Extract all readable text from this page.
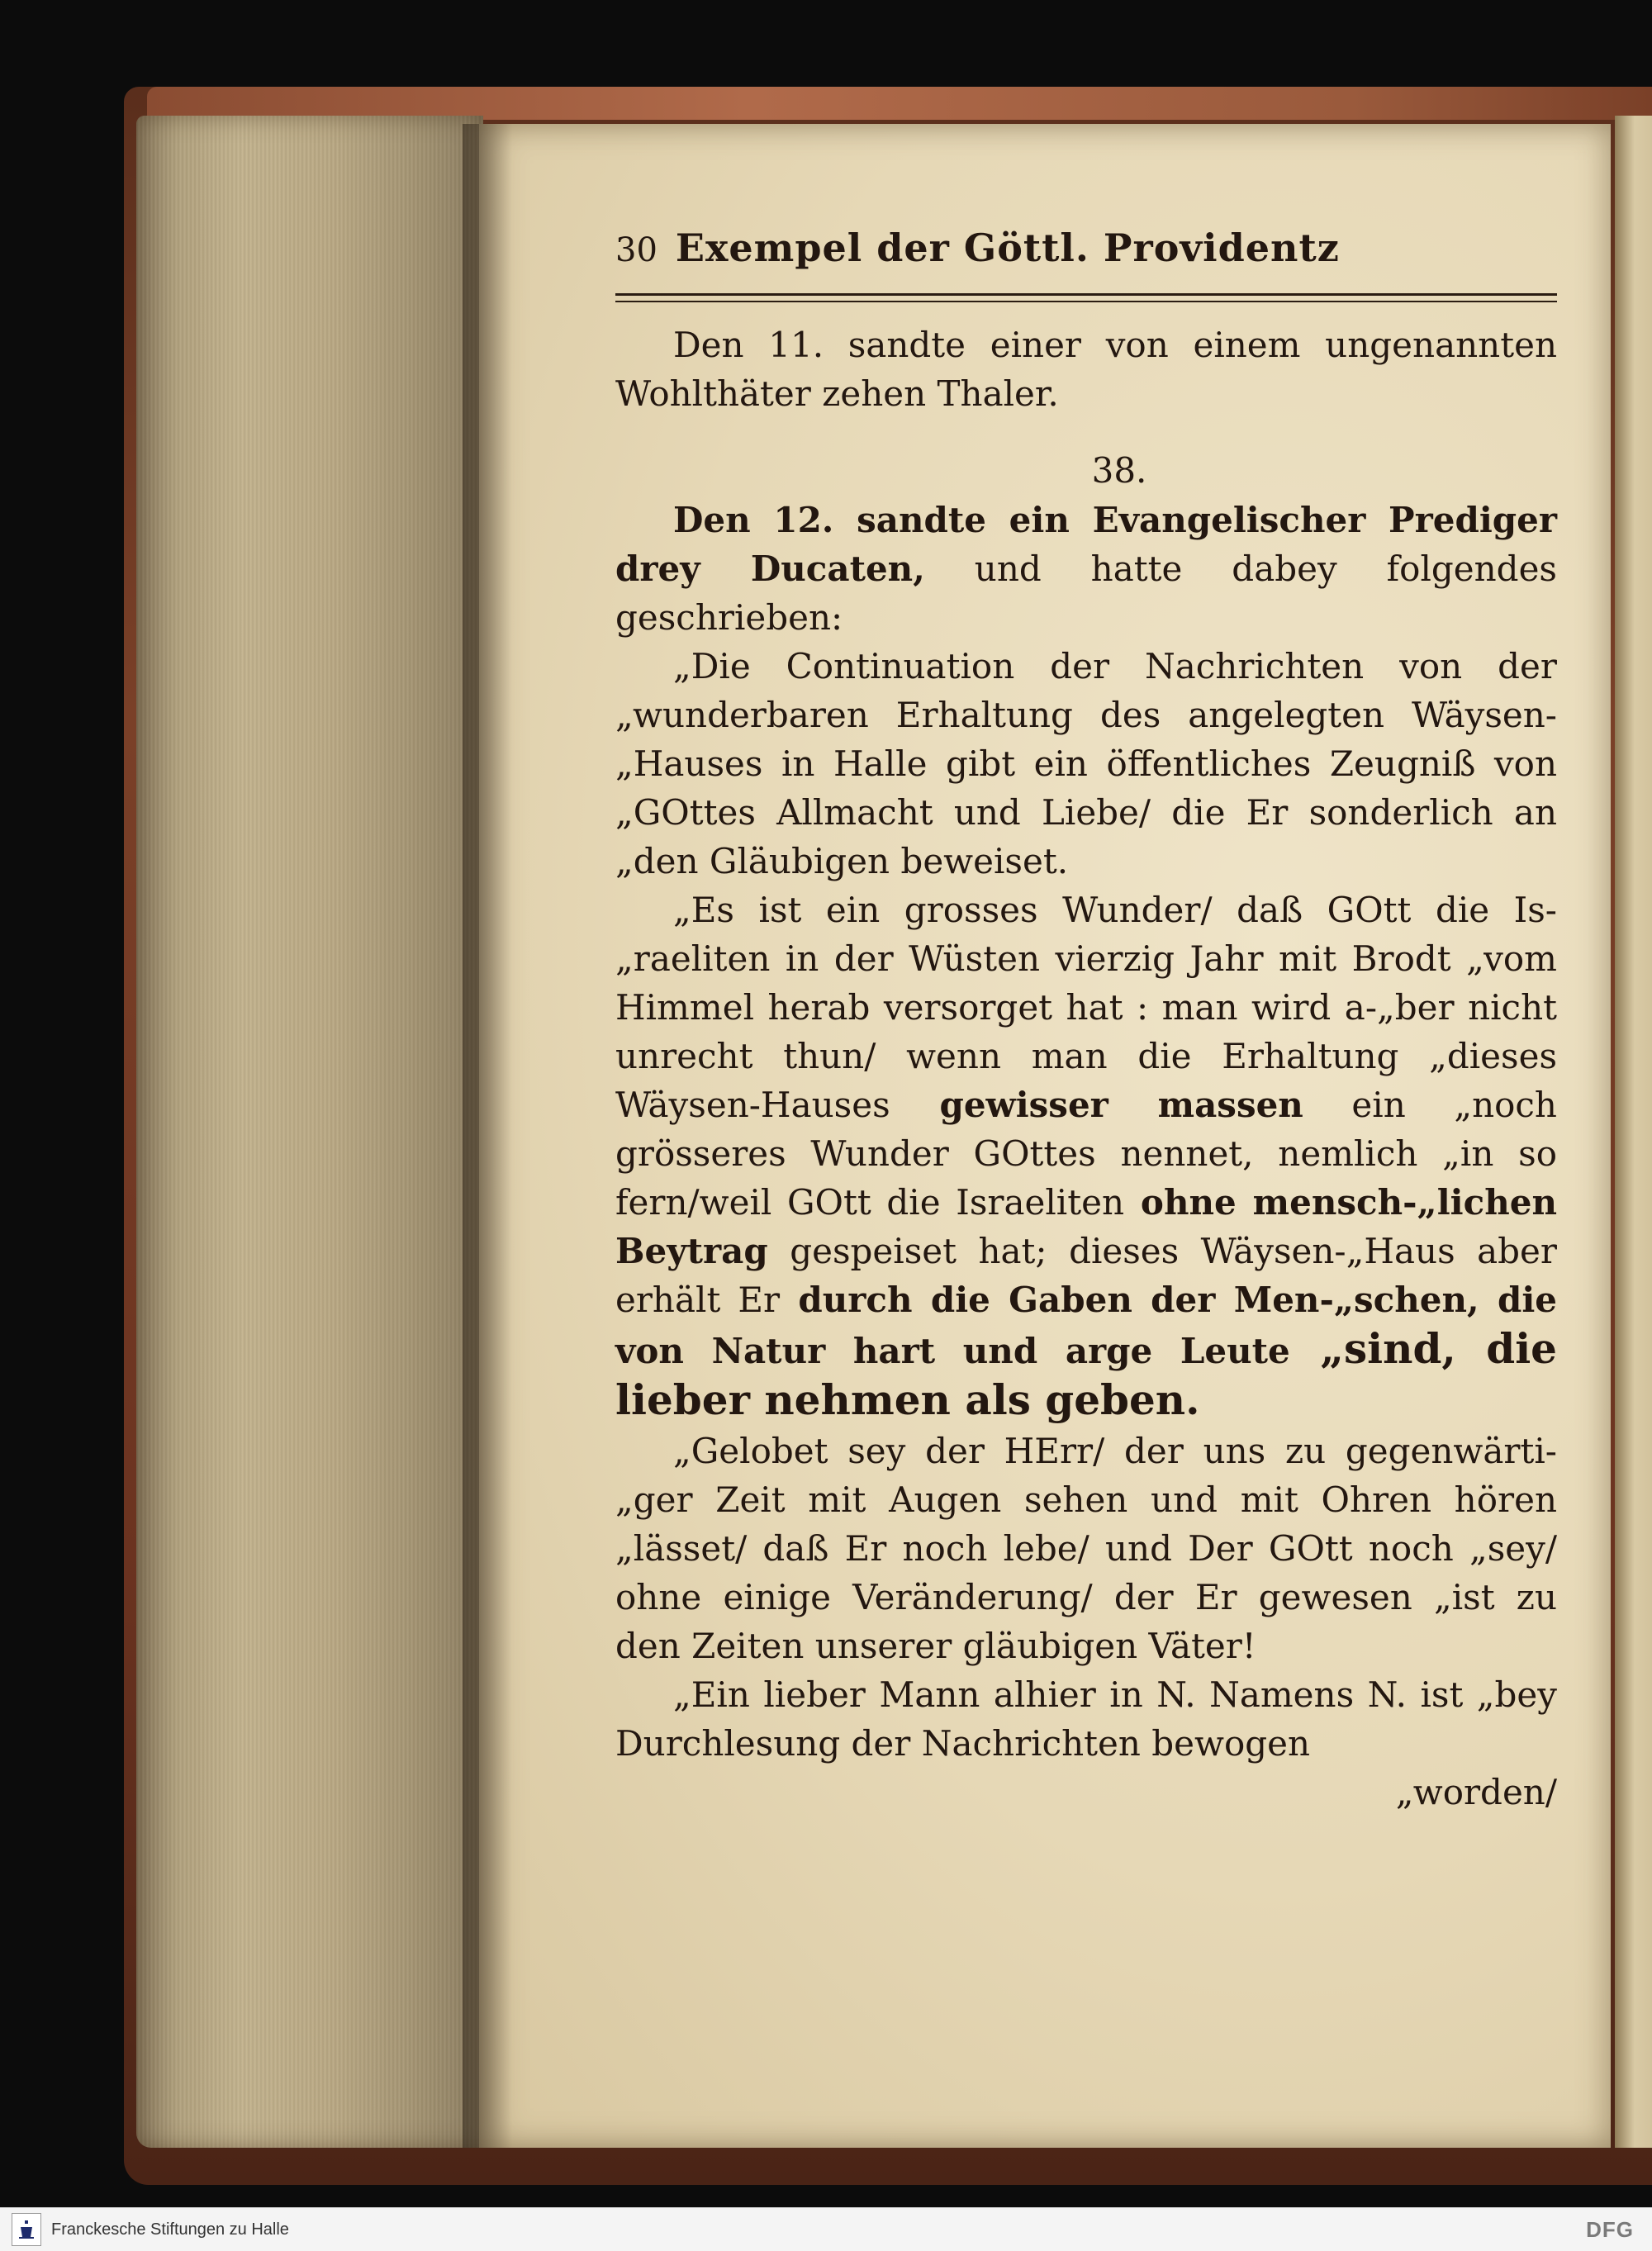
30 Exempel der Göttl. Providentz

Den 11. sandte einer von einem ungenannten Wohlthäter zehen Thaler.

38.

Den 12. sandte ein Evangelischer Prediger drey Ducaten, und hatte dabey folgendes geschrieben:

„Die Continuation der Nachrichten von der „wunderbaren Erhaltung des angelegten Wäysen-„Hauses in Halle gibt ein öffentliches Zeugniß von „GOttes Allmacht und Liebe/ die Er sonderlich an „den Gläubigen beweiset.

„Es ist ein grosses Wunder/ daß GOtt die Is-„raeliten in der Wüsten vierzig Jahr mit Brodt „vom Himmel herab versorget hat : man wird a-„ber nicht unrecht thun/ wenn man die Erhaltung „dieses Wäysen-Hauses gewisser massen ein „noch grösseres Wunder GOttes nennet, nemlich „in so fern/weil GOtt die Israeliten ohne mensch-„lichen Beytrag gespeiset hat; dieses Wäysen-„Haus aber erhält Er durch die Gaben der Men-„schen, die von Natur hart und arge Leute „sind, die lieber nehmen als geben.

„Gelobet sey der HErr/ der uns zu gegenwärti-„ger Zeit mit Augen sehen und mit Ohren hören „lässet/ daß Er noch lebe/ und Der GOtt noch „sey/ ohne einige Veränderung/ der Er gewesen „ist zu den Zeiten unserer gläubigen Väter!

„Ein lieber Mann alhier in N. Namens N. ist „bey Durchlesung der Nachrichten bewogen

„worden/

Franckesche Stiftungen zu Halle	DFG
